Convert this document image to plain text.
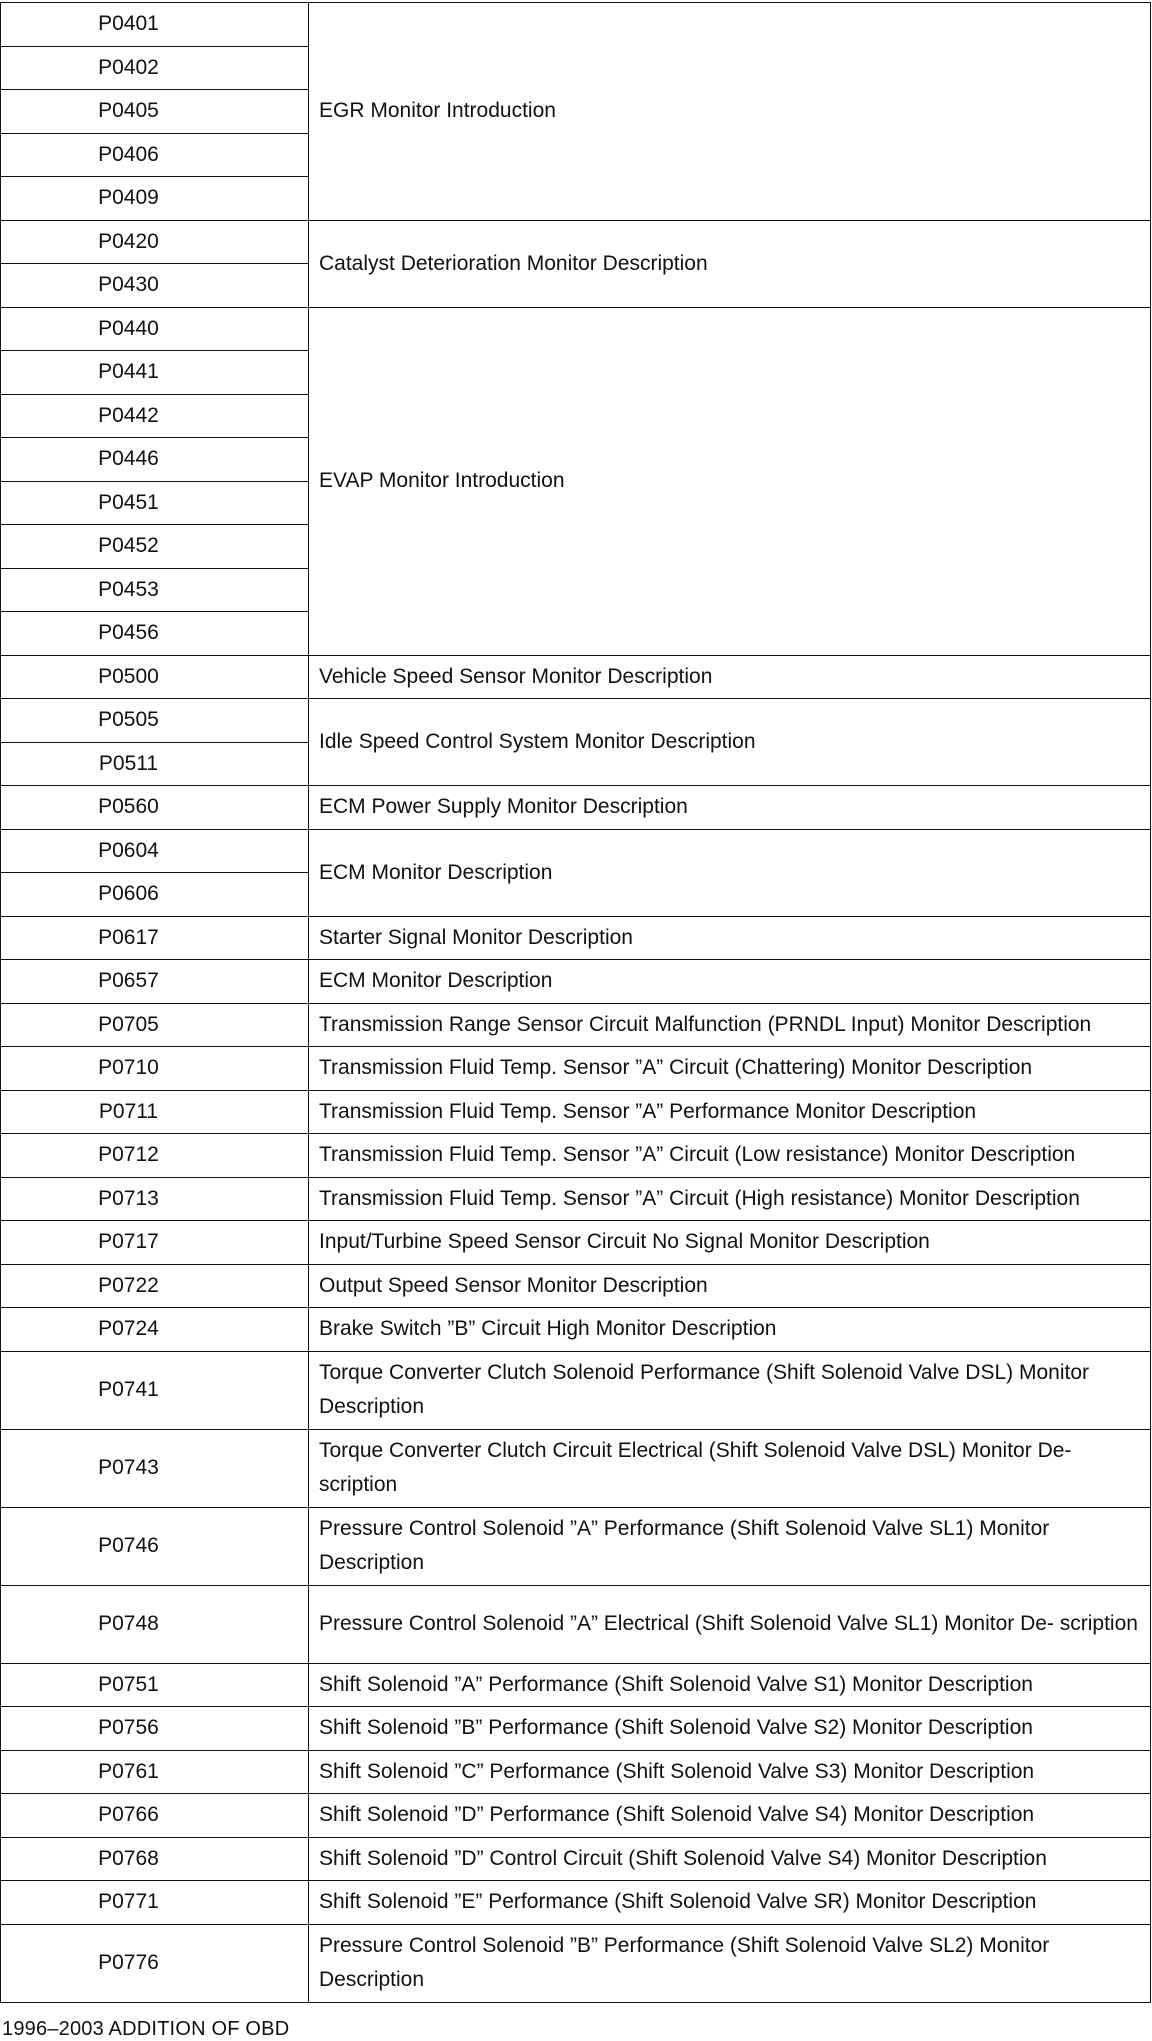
P0401	EGR Monitor Introduction
P0402	
P0405	
P0406	
P0409	
P0420	Catalyst Deterioration Monitor Description
P0430	
P0440	EVAP Monitor Introduction
P0441	
P0442	
P0446	
P0451	
P0452	
P0453	
P0456	
P0500	Vehicle Speed Sensor Monitor Description
P0505	Idle Speed Control System Monitor Description
P0511	
P0560	ECM Power Supply Monitor Description
P0604	ECM Monitor Description
P0606	
P0617	Starter Signal Monitor Description
P0657	ECM Monitor Description
P0705	Transmission Range Sensor Circuit Malfunction (PRNDL Input) Monitor Description
P0710	Transmission Fluid Temp. Sensor ”A” Circuit (Chattering) Monitor Description
P0711	Transmission Fluid Temp. Sensor ”A” Performance Monitor Description
P0712	Transmission Fluid Temp. Sensor ”A” Circuit (Low resistance) Monitor Description
P0713	Transmission Fluid Temp. Sensor ”A” Circuit (High resistance) Monitor Description
P0717	Input/Turbine Speed Sensor Circuit No Signal Monitor Description
P0722	Output Speed Sensor Monitor Description
P0724	Brake Switch ”B” Circuit High Monitor Description
P0741	Torque Converter Clutch Solenoid Performance (Shift Solenoid Valve DSL) Monitor Description
P0743	Torque Converter Clutch Circuit Electrical (Shift Solenoid Valve DSL) Monitor De- scription
P0746	Pressure Control Solenoid ”A” Performance (Shift Solenoid Valve SL1) Monitor Description
P0748	Pressure Control Solenoid ”A” Electrical (Shift Solenoid Valve SL1) Monitor De- scription
P0751	Shift Solenoid ”A” Performance (Shift Solenoid Valve S1) Monitor Description
P0756	Shift Solenoid ”B” Performance (Shift Solenoid Valve S2) Monitor Description
P0761	Shift Solenoid ”C” Performance (Shift Solenoid Valve S3) Monitor Description
P0766	Shift Solenoid ”D” Performance (Shift Solenoid Valve S4) Monitor Description
P0768	Shift Solenoid ”D” Control Circuit (Shift Solenoid Valve S4) Monitor Description
P0771	Shift Solenoid ”E” Performance (Shift Solenoid Valve SR) Monitor Description
P0776	Pressure Control Solenoid ”B” Performance (Shift Solenoid Valve SL2) Monitor Description
1996–2003 ADDITION OF OBD
